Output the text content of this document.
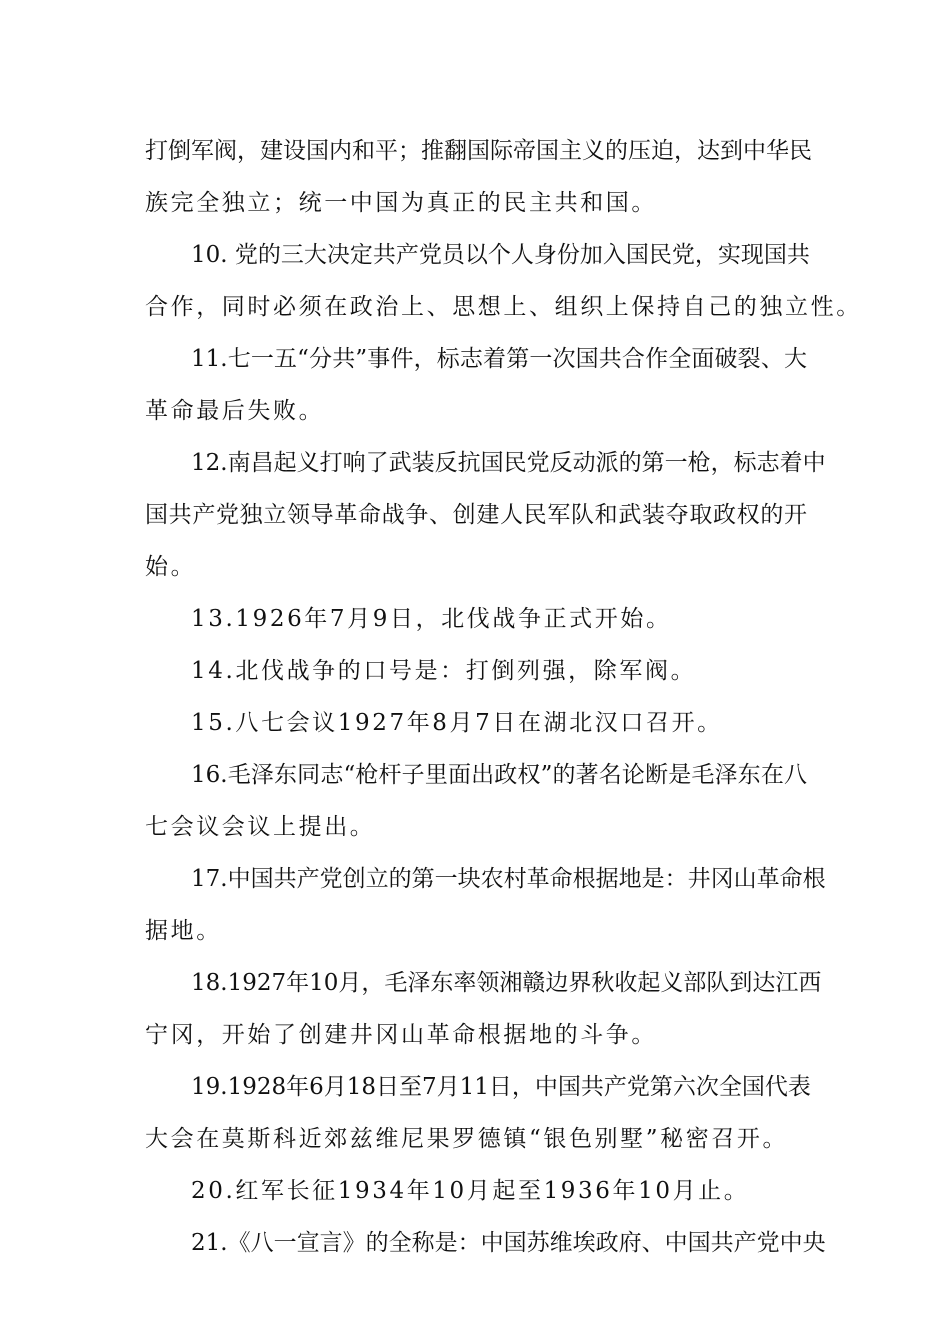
打倒军阀，建设国内和平；推翻国际帝国主义的压迫，达到中华民
族完全独立；统一中国为真正的民主共和国。
10. 党的三大决定共产党员以个人身份加入国民党，实现国共
合作，同时必须在政治上、思想上、组织上保持自己的独立性。
11.七一五“分共”事件，标志着第一次国共合作全面破裂、大
革命最后失败。
12.南昌起义打响了武装反抗国民党反动派的第一枪，标志着中
国共产党独立领导革命战争、创建人民军队和武装夺取政权的开
始。
13.1926年7月9日，北伐战争正式开始。
14.北伐战争的口号是：打倒列强，除军阀。
15.八七会议1927年8月7日在湖北汉口召开。
16.毛泽东同志“枪杆子里面出政权”的著名论断是毛泽东在八
七会议会议上提出。
17.中国共产党创立的第一块农村革命根据地是：井冈山革命根
据地。
18.1927年10月，毛泽东率领湘赣边界秋收起义部队到达江西
宁冈，开始了创建井冈山革命根据地的斗争。
19.1928年6月18日至7月11日，中国共产党第六次全国代表
大会在莫斯科近郊兹维尼果罗德镇“银色别墅”秘密召开。
20.红军长征1934年10月起至1936年10月止。
21.《八一宣言》的全称是：中国苏维埃政府、中国共产党中央
